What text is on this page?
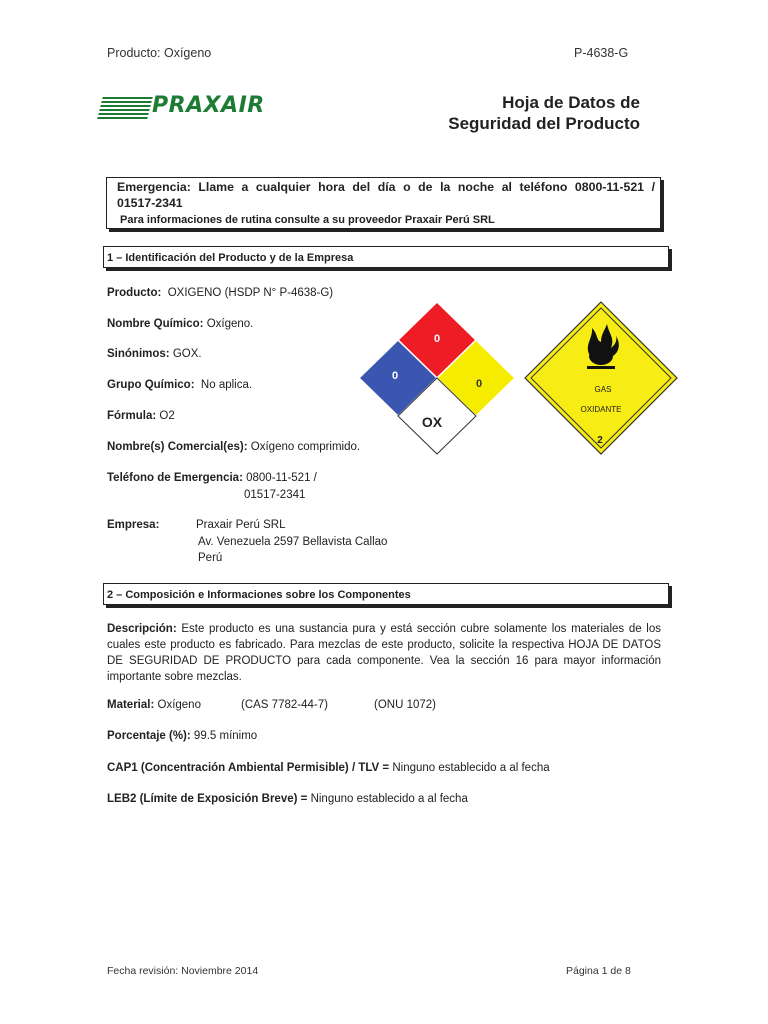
Producto: Oxígeno	P-4638-G
PRAXAIR	Hoja de Datos de
Seguridad del Producto
Emergencia: Llame a cualquier hora del día o de la noche al teléfono 0800-11-521 /
01517-2341
Para informaciones de rutina consulte a su proveedor Praxair Perú SRL
1 – Identificación del Producto y de la Empresa
Producto: OXIGENO (HSDP N° P-4638-G)
Nombre Químico: Oxígeno.
Sinónimos: GOX.
Grupo Químico: No aplica.
Fórmula: O2
Nombre(s) Comercial(es): Oxígeno comprimido.
Teléfono de Emergencia: 0800-11-521 /
01517-2341
Empresa:	Praxair Perú SRL
Av. Venezuela 2597 Bellavista Callao
Perú
0
0
0
OX
GAS
OXIDANTE
2
2 – Composición e Informaciones sobre los Componentes
Descripción: Este producto es una sustancia pura y está sección cubre solamente los materiales de los cuales este producto es fabricado. Para mezclas de este producto, solicite la respectiva HOJA DE DATOS DE SEGURIDAD DE PRODUCTO para cada componente. Vea la sección 16 para mayor información importante sobre mezclas.
Material: Oxígeno	(CAS 7782-44-7)	(ONU 1072)
Porcentaje (%): 99.5 mínimo
CAP1 (Concentración Ambiental Permisible) / TLV = Ninguno establecido a al fecha
LEB2 (Límite de Exposición Breve) = Ninguno establecido a al fecha
Fecha revisión: Noviembre 2014	Página 1 de 8
